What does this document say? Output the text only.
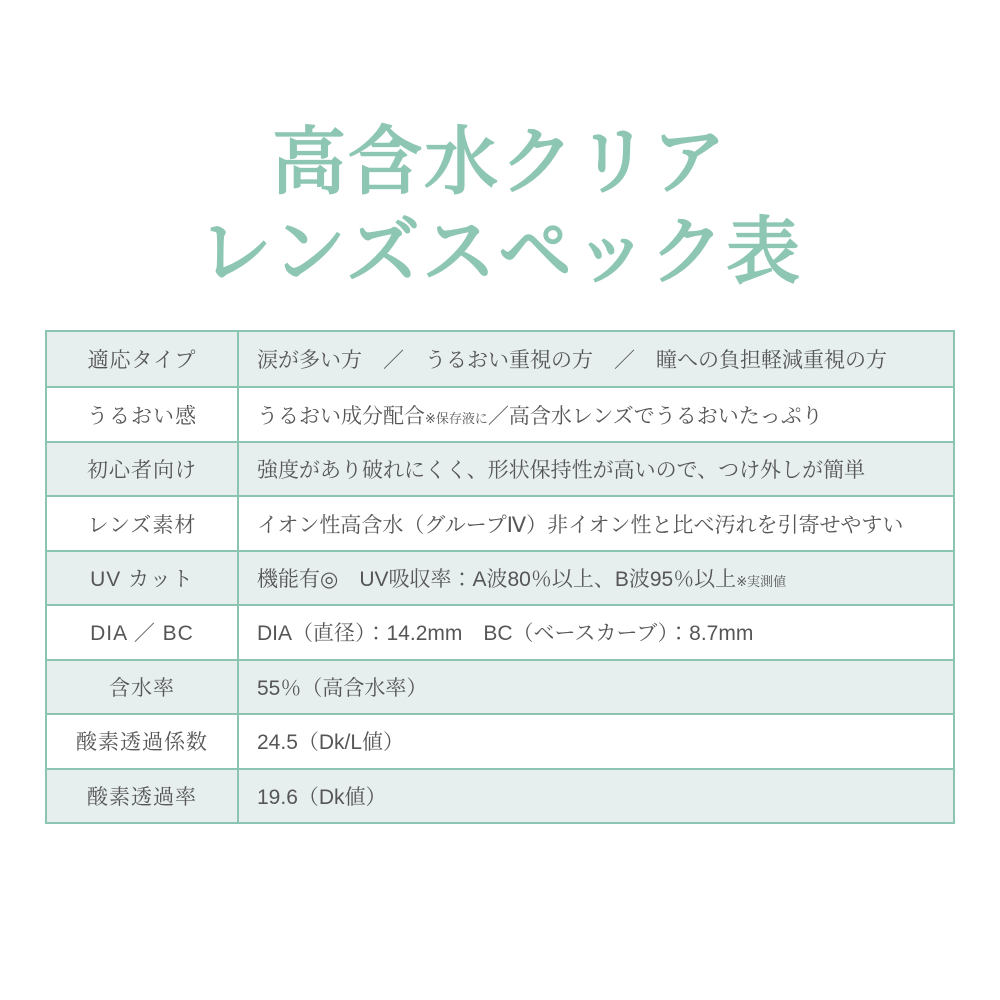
高含水クリア
レンズスペック表
適応タイプ	涙が多い方　／　うるおい重視の方　／　瞳への負担軽減重視の方
うるおい感	うるおい成分配合 ※保存液に ／高含水レンズでうるおいたっぷり
初心者向け	強度があり破れにくく、形状保持性が高いので、つけ外しが簡単
レンズ素材	イオン性高含水（グループⅣ）非イオン性と比べ汚れを引寄せやすい
UV カット	機能有◎　UV吸収率：A波80％以上、B波95％以上 ※実測値
DIA ／ BC	DIA（直径）：14.2mm　BC（ベースカーブ）：8.7mm
含水率	55％（高含水率）
酸素透過係数	24.5（Dk/L値）
酸素透過率	19.6（Dk値）
